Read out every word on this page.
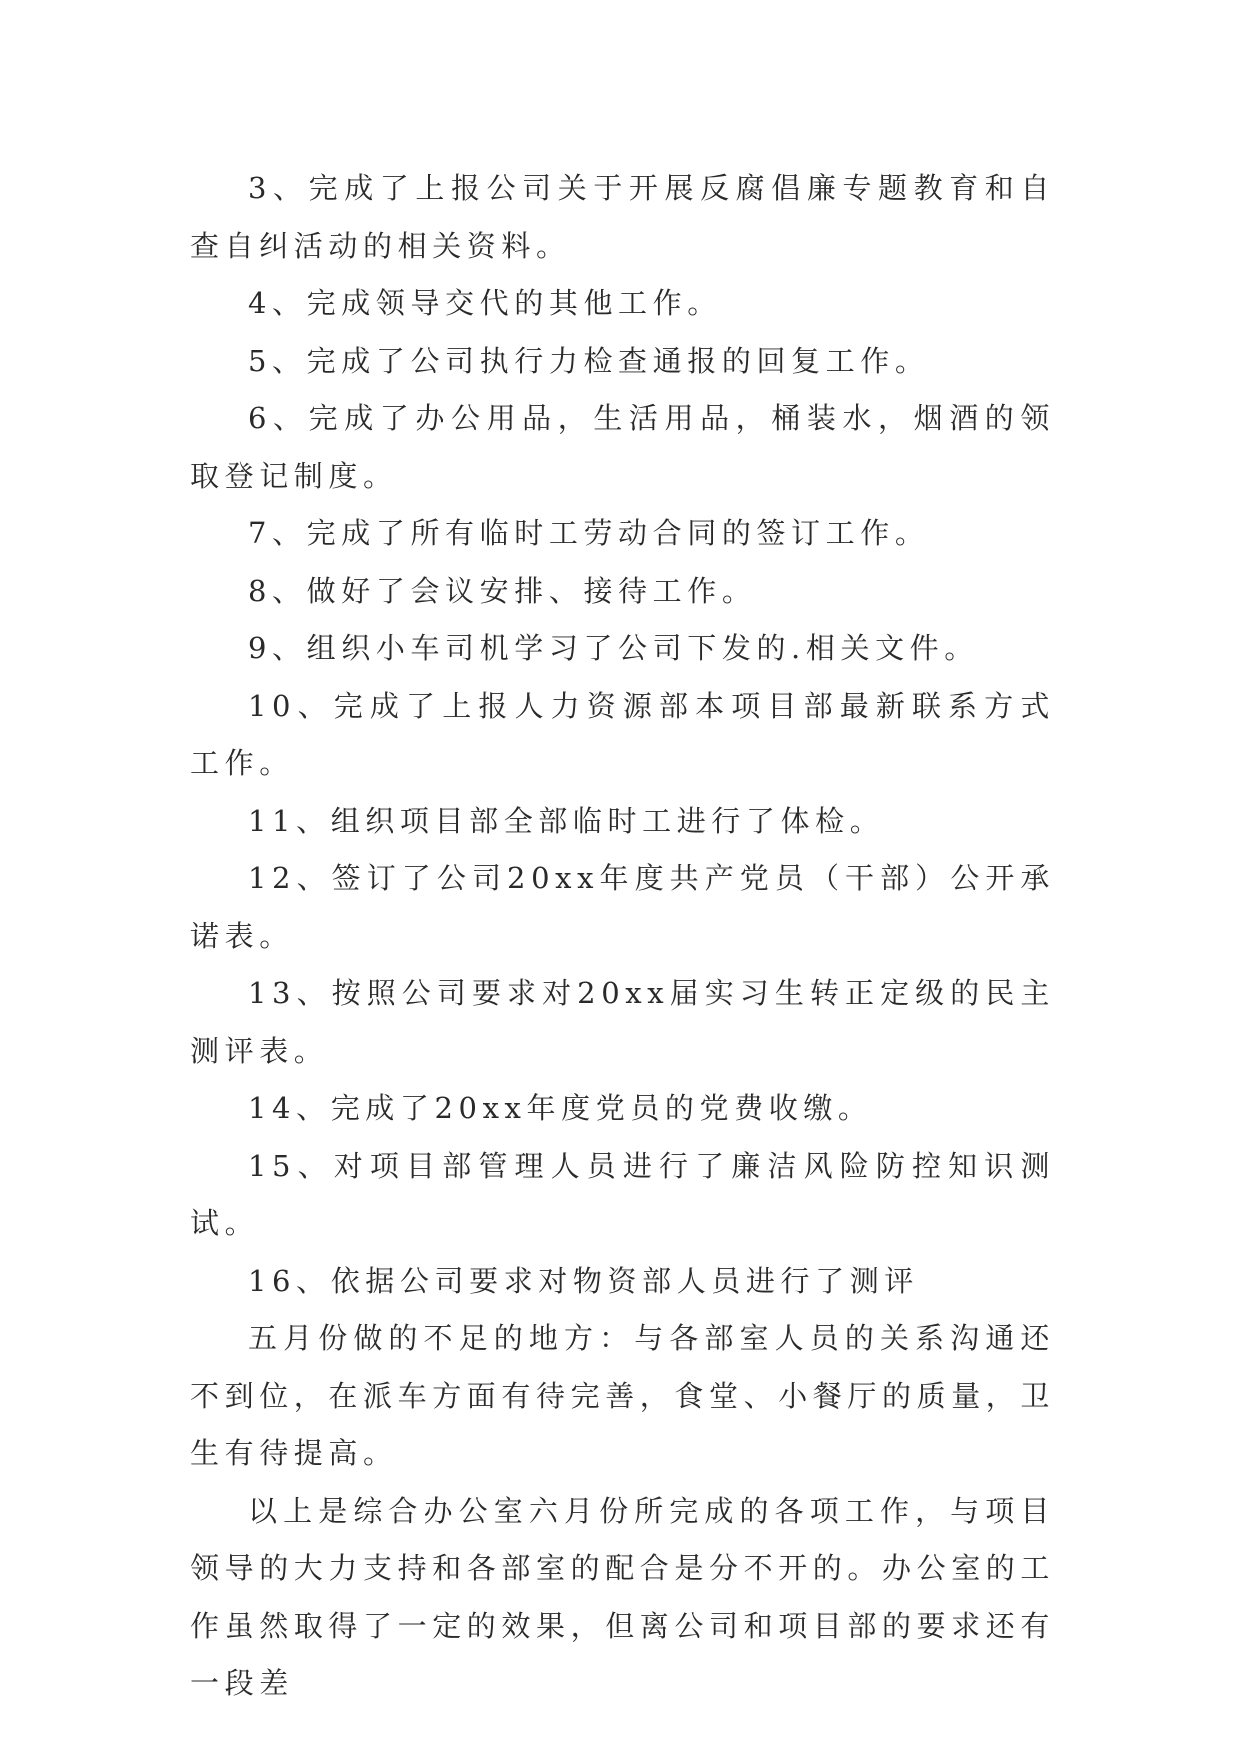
3、完成了上报公司关于开展反腐倡廉专题教育和自查自纠活动的相关资料。

4、完成领导交代的其他工作。

5、完成了公司执行力检查通报的回复工作。

6、完成了办公用品，生活用品，桶装水，烟酒的领取登记制度。

7、完成了所有临时工劳动合同的签订工作。

8、做好了会议安排、接待工作。

9、组织小车司机学习了公司下发的.相关文件。

10、完成了上报人力资源部本项目部最新联系方式工作。

11、组织项目部全部临时工进行了体检。

12、签订了公司20xx年度共产党员（干部）公开承诺表。

13、按照公司要求对20xx届实习生转正定级的民主测评表。

14、完成了20xx年度党员的党费收缴。

15、对项目部管理人员进行了廉洁风险防控知识测试。

16、依据公司要求对物资部人员进行了测评

五月份做的不足的地方：与各部室人员的关系沟通还不到位，在派车方面有待完善，食堂、小餐厅的质量，卫生有待提高。

以上是综合办公室六月份所完成的各项工作，与项目领导的大力支持和各部室的配合是分不开的。办公室的工作虽然取得了一定的效果，但离公司和项目部的要求还有一段差
